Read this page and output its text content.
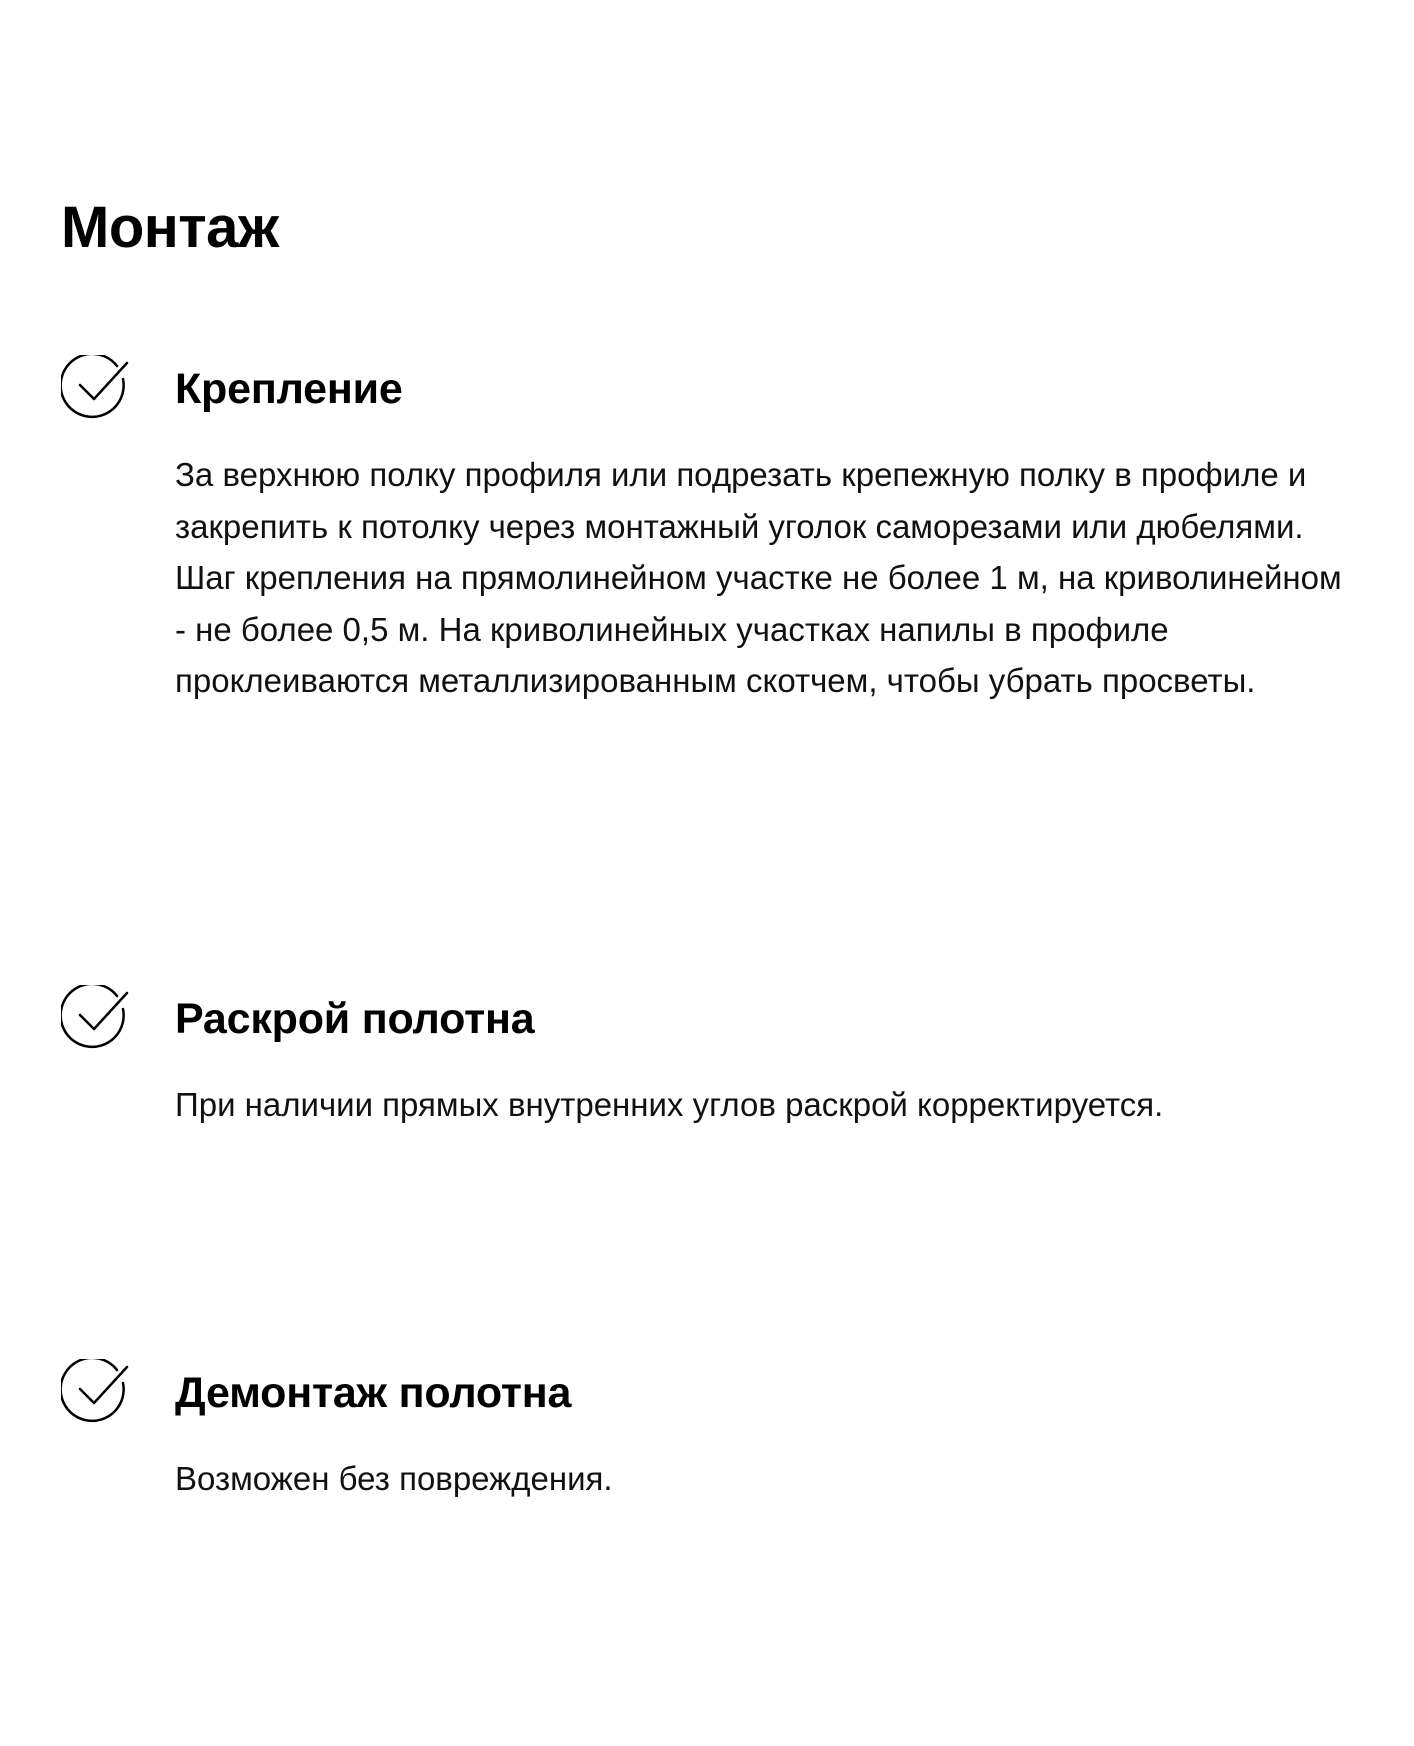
Монтаж
Крепление

За верхнюю полку профиля или подрезать крепежную полку в профиле и закрепить к потолку через монтажный уголок саморезами или дюбелями. Шаг крепления на прямолинейном участке не более 1 м, на криволинейном - не более 0,5 м. На криволинейных участках напилы в профиле проклеиваются металлизированным скотчем, чтобы убрать просветы.

Раскрой полотна

При наличии прямых внутренних углов раскрой корректируется.

Демонтаж полотна

Возможен без повреждения.
